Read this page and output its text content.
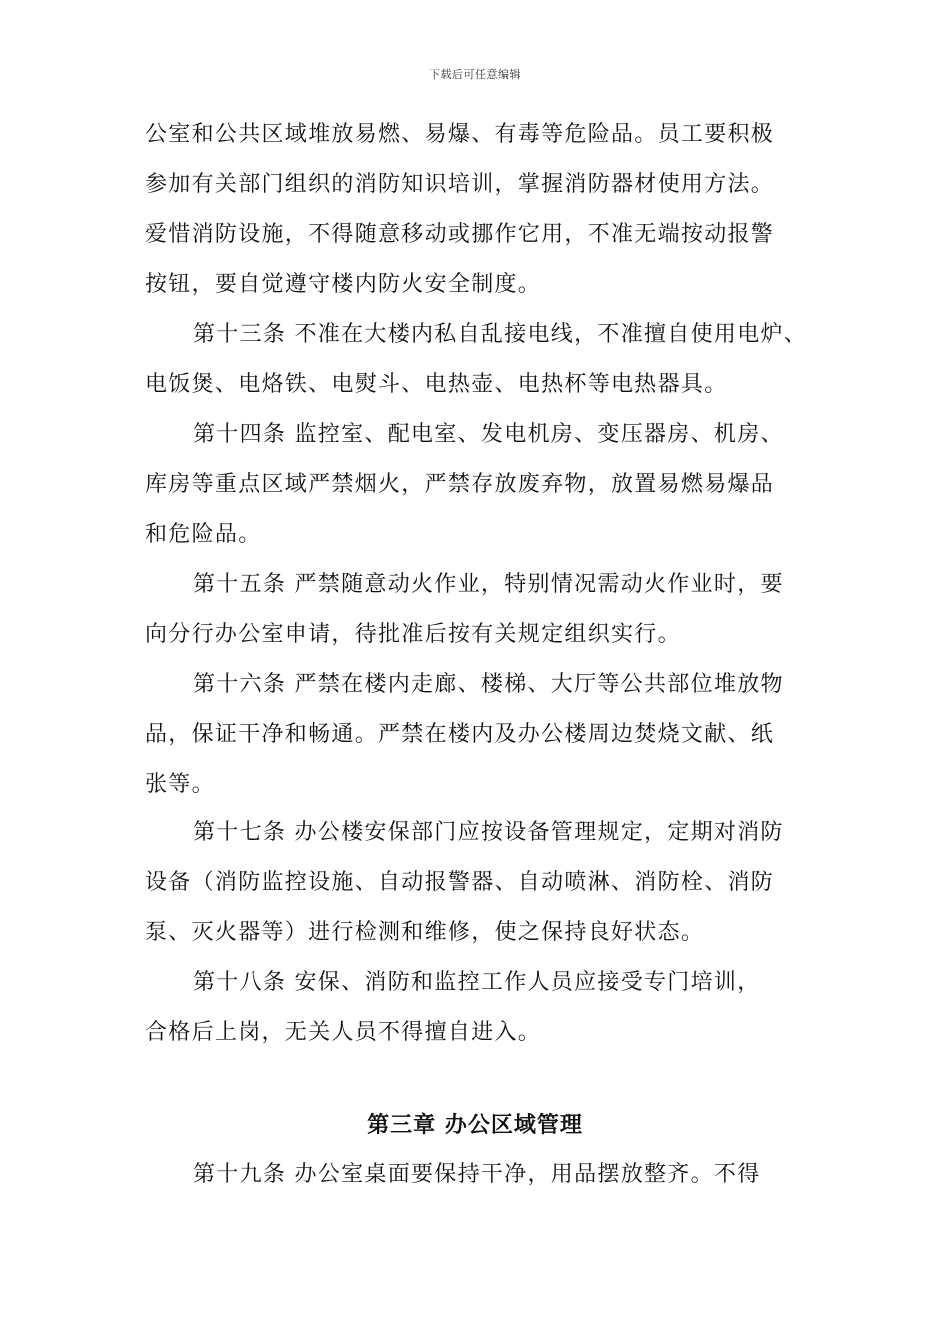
下载后可任意编辑
公室和公共区域堆放易燃、易爆、有毒等危险品。员工要积极
参加有关部门组织的消防知识培训，掌握消防器材使用方法。
爱惜消防设施，不得随意移动或挪作它用，不准无端按动报警
按钮，要自觉遵守楼内防火安全制度。
第十三条 不准在大楼内私自乱接电线，不准擅自使用电炉、
电饭煲、电烙铁、电熨斗、电热壶、电热杯等电热器具。
第十四条 监控室、配电室、发电机房、变压器房、机房、
库房等重点区域严禁烟火，严禁存放废弃物，放置易燃易爆品
和危险品。
第十五条 严禁随意动火作业，特别情况需动火作业时，要
向分行办公室申请，待批准后按有关规定组织实行。
第十六条 严禁在楼内走廊、楼梯、大厅等公共部位堆放物
品，保证干净和畅通。严禁在楼内及办公楼周边焚烧文献、纸
张等。
第十七条 办公楼安保部门应按设备管理规定，定期对消防
设备（消防监控设施、自动报警器、自动喷淋、消防栓、消防
泵、灭火器等）进行检测和维修，使之保持良好状态。
第十八条 安保、消防和监控工作人员应接受专门培训，
合格后上岗，无关人员不得擅自进入。
第三章 办公区域管理
第十九条 办公室桌面要保持干净，用品摆放整齐。不得
